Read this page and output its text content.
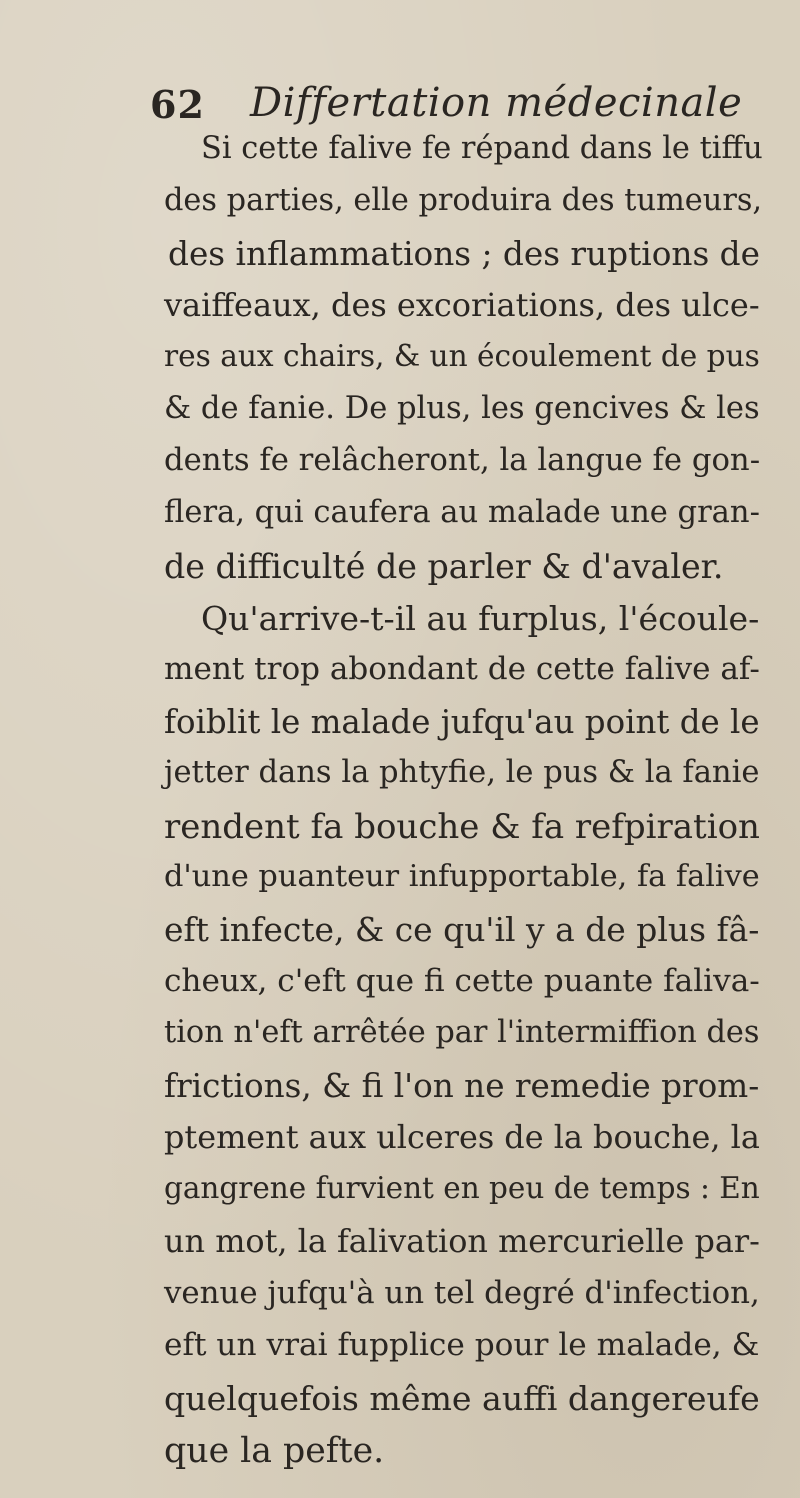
62 Differtation médecinale
Si cette falive fe répand dans le tiffu
des parties, elle produira des tumeurs,
des inflammations ; des ruptions de
vaiffeaux, des excoriations, des ulce-
res aux chairs, & un écoulement de pus
& de fanie. De plus, les gencives & les
dents fe relâcheront, la langue fe gon-
flera, qui caufera au malade une gran-
de difficulté de parler & d'avaler.
Qu'arrive-t-il au furplus, l'écoule-
ment trop abondant de cette falive af-
foiblit le malade jufqu'au point de le
jetter dans la phtyfie, le pus & la fanie
rendent fa bouche & fa refpiration
d'une puanteur infupportable, fa falive
eft infecte, & ce qu'il y a de plus fâ-
cheux, c'eft que fi cette puante faliva-
tion n'eft arrêtée par l'intermiffion des
frictions, & fi l'on ne remedie prom-
ptement aux ulceres de la bouche, la
gangrene furvient en peu de temps : En
un mot, la falivation mercurielle par-
venue jufqu'à un tel degré d'infection,
eft un vrai fupplice pour le malade, &
quelquefois même auffi dangereufe
que la pefte.
